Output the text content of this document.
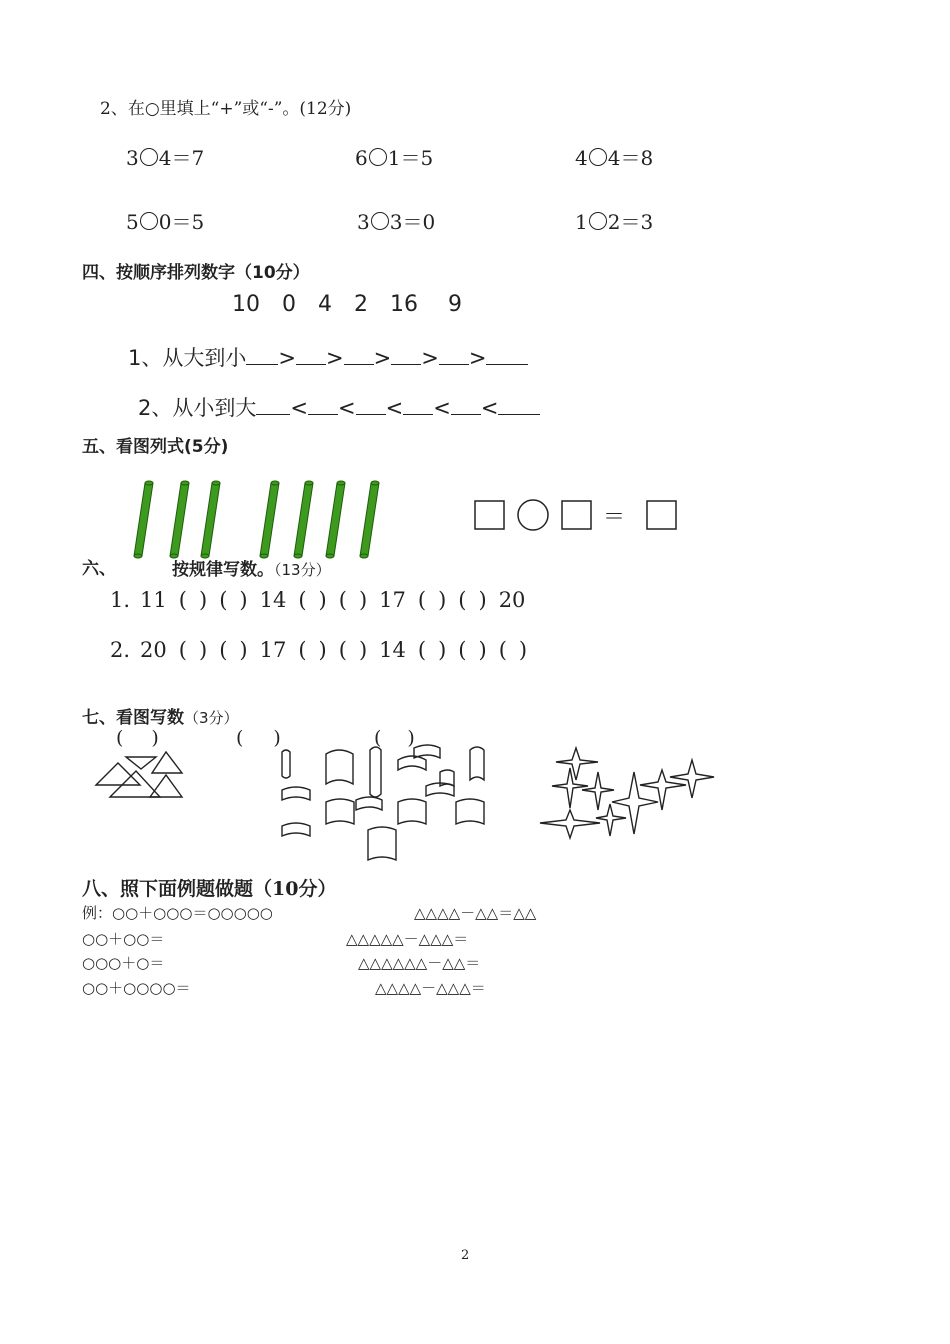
2、在○里填上“+”或“-”。(12分)
3 4＝7	6 1＝5	4 4＝8
5 0＝5	3 3＝0	1 2＝3
四、按顺序排列数字（10分）
10 0 4 2 16 9
1、从大到小 > > > > >
2、从小到大 < < < < <
五、看图列式(5分)
＝
六、	按规律写数。（13分）
1. 11 ( ) ( ) 14 ( ) ( ) 17 ( ) ( ) 20
2. 20 ( ) ( ) 17 ( ) ( ) 14 ( ) ( ) ( )
七、看图写数（3分）
( )	( )	( )
八、照下面例题做题（10分）
例：○○＋○○○＝○○○○○	△△△△－△△＝△△
○○＋○○＝	△△△△△－△△△＝
○○○＋○＝	△△△△△△－△△＝
○○＋○○○○＝	△△△△－△△△＝
2
